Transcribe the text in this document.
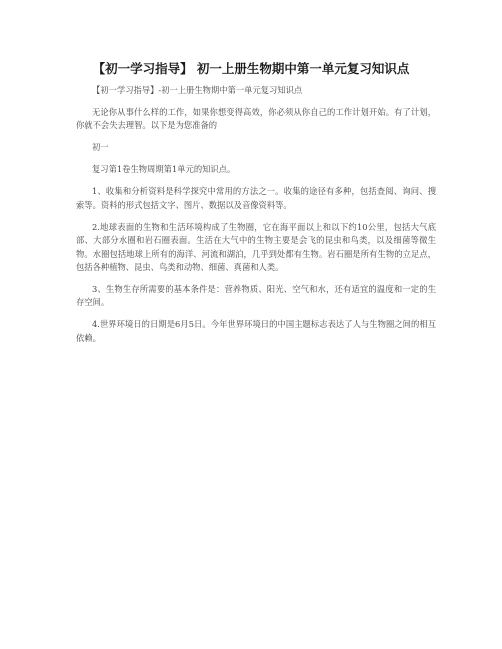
【初一学习指导】 初一上册生物期中第一单元复习知识点

【初一学习指导】-初一上册生物期中第一单元复习知识点

无论你从事什么样的工作，如果你想变得高效，你必须从你自己的工作计划开始。有了计划，你就不会失去理智。以下是为您准备的

初一

复习第1卷生物周期第1单元的知识点。

1、收集和分析资料是科学探究中常用的方法之一。收集的途径有多种，包括查阅、询问、搜索等。资料的形式包括文字、图片、数据以及音像资料等。

2.地球表面的生物和生活环境构成了生物圈，它在海平面以上和以下约10公里，包括大气底部、大部分水圈和岩石圈表面。生活在大气中的生物主要是会飞的昆虫和鸟类，以及细菌等微生物。水圈包括地球上所有的海洋、河流和湖泊，几乎到处都有生物。岩石圈是所有生物的立足点，包括各种植物、昆虫、鸟类和动物、细菌、真菌和人类。

3、生物生存所需要的基本条件是：营养物质、阳光、空气和水，还有适宜的温度和一定的生存空间。

4.世界环境日的日期是6月5日。今年世界环境日的中国主题标志表达了人与生物圈之间的相互依赖。
